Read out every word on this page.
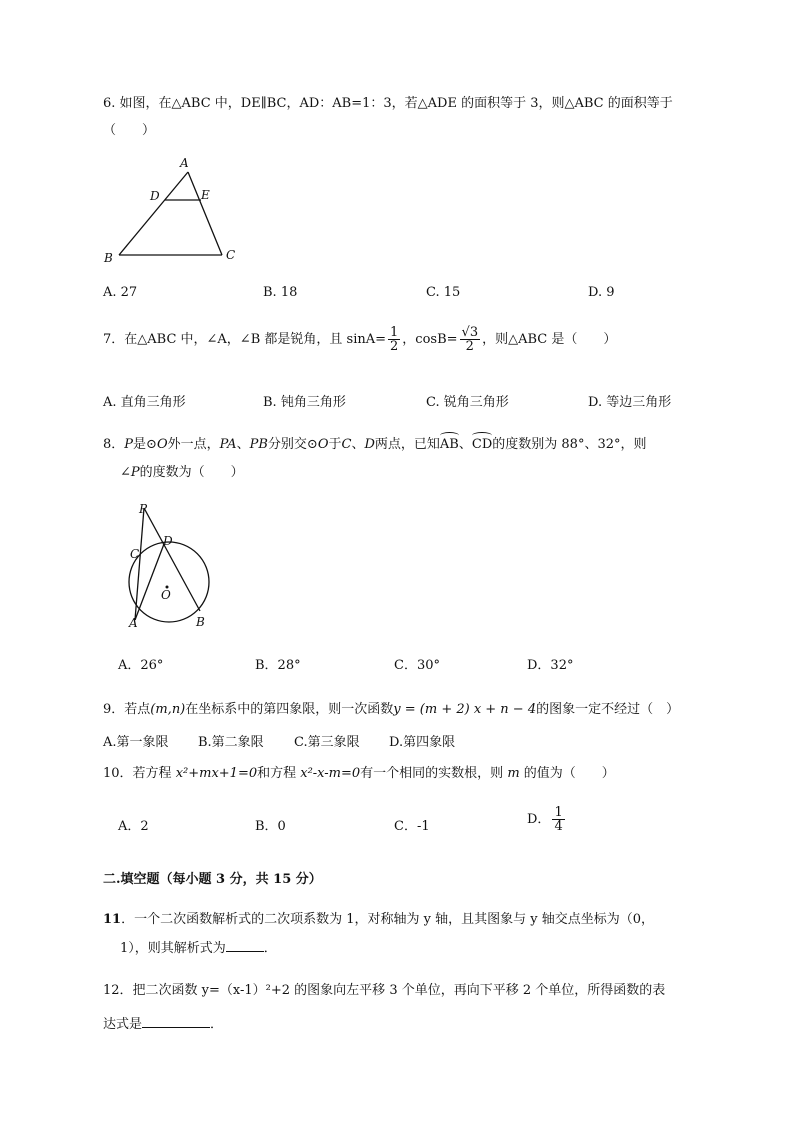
6. 如图，在△ABC 中，DE∥BC，AD：AB=1：3，若△ADE 的面积等于 3，则△ABC 的面积等于
（　　）
A
D	E
B	C
A. 27	B. 18	C. 15	D. 9
7．在△ABC 中，∠A，∠B 都是锐角，且 $\sin A= \frac{1}{2}$ ，$\cos B= \frac{√3}{2}$ ，则△ABC 是（　　）
A. 直角三角形	B. 钝角三角形	C. 锐角三角形	D. 等边三角形
8．P是⊙O外一点，PA、PB分别交⊙O于C、D两点，已知AB、CD的度数别为 88°、32°，则
∠P的度数为（　　）
P
C
D
O
A	B
A．26°	B．28°	C．30°	D．32°
9．若点(m,n)在坐标系中的第四象限，则一次函数y = (m + 2) x + n − 4的图象一定不经过（　）
A.第一象限 B.第二象限 C.第三象限 D.第四象限
10．若方程 x²+mx+1=0和方程 x²-x-m=0有一个相同的实数根，则 m 的值为（　　）
A．2	B．0	C．-1	D． $\frac{1}{4}$
二.填空题（每小题 3 分，共 15 分）
11．一个二次函数解析式的二次项系数为 1，对称轴为 y 轴，且其图象与 y 轴交点坐标为（0，
1），则其解析式为	．
12．把二次函数 y=（x-1）²+2 的图象向左平移 3 个单位，再向下平移 2 个单位，所得函数的表
达式是	．
